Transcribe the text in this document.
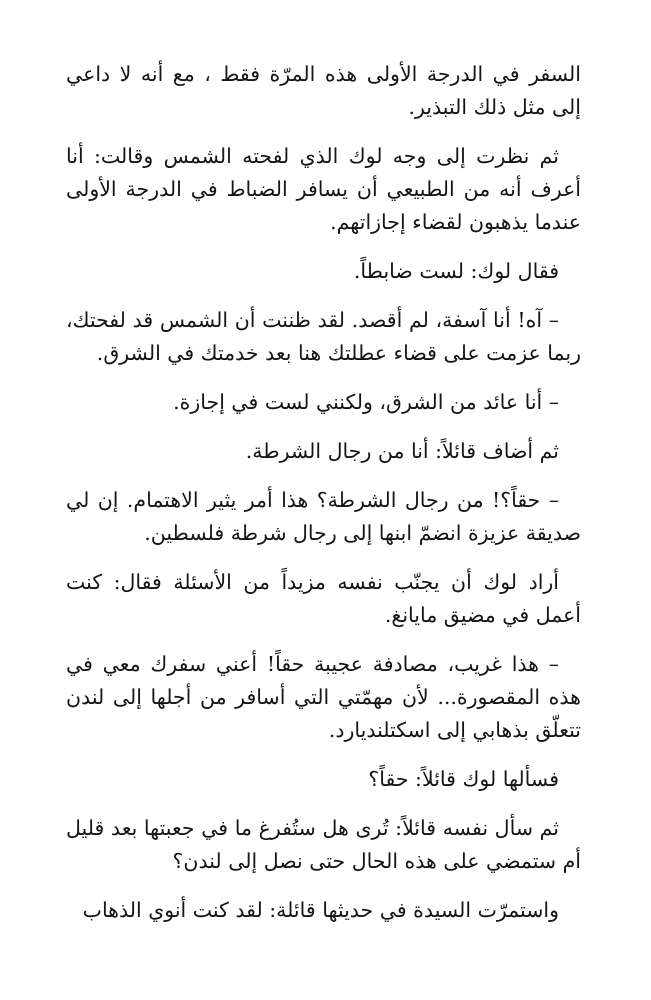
السفر في الدرجة الأولى هذه المرّة فقط ، مع أنه لا داعي إلى مثل ذلك التبذير.

ثم نظرت إلى وجه لوك الذي لفحته الشمس وقالت: أنا أعرف أنه من الطبيعي أن يسافر الضباط في الدرجة الأولى عندما يذهبون لقضاء إجازاتهم.

فقال لوك: لست ضابطاً.

– آه! أنا آسفة، لم أقصد. لقد ظننت أن الشمس قد لفحتك، ربما عزمت على قضاء عطلتك هنا بعد خدمتك في الشرق.

– أنا عائد من الشرق، ولكنني لست في إجازة.

ثم أضاف قائلاً: أنا من رجال الشرطة.

– حقاً؟! من رجال الشرطة؟ هذا أمر يثير الاهتمام. إن لي صديقة عزيزة انضمّ ابنها إلى رجال شرطة فلسطين.

أراد لوك أن يجنّب نفسه مزيداً من الأسئلة فقال: كنت أعمل في مضيق مايانغ.

– هذا غريب، مصادفة عجيبة حقاً! أعني سفرك معي في هذه المقصورة... لأن مهمّتي التي أسافر من أجلها إلى لندن تتعلّق بذهابي إلى اسكتلنديارد.

فسألها لوك قائلاً: حقاً؟

ثم سأل نفسه قائلاً: تُرى هل ستُفرغ ما في جعبتها بعد قليل أم ستمضي على هذه الحال حتى نصل إلى لندن؟

واستمرّت السيدة في حديثها قائلة: لقد كنت أنوي الذهاب
